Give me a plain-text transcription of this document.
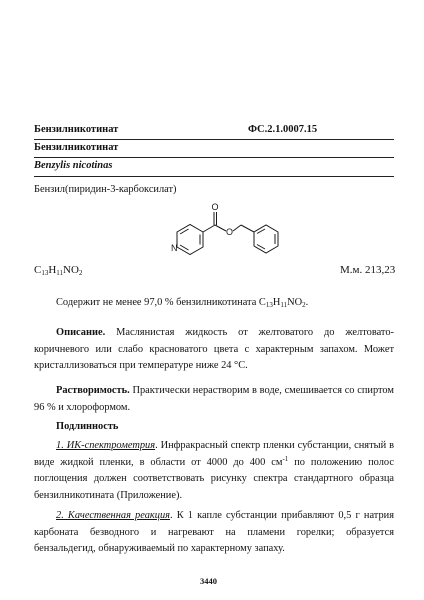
Бензилникотинат	ФС.2.1.0007.15
Бензилникотинат
Benzylis nicotinas
Бензил(пиридин-3-карбоксилат)
N
O
O
$C_{13}H_{11}NO_2$	М.м. 213,23
Содержит не менее 97,0 % бензилникотината $C_{13}H_{11}NO_2$.

Описание. Маслянистая жидкость от желтоватого до желтовато-коричневого или слабо красноватого цвета с характерным запахом. Может кристаллизоваться при температуре ниже 24 °С.

Растворимость. Практически нерастворим в воде, смешивается со спиртом 96 % и хлороформом.

Подлинность

1. ИК-спектрометрия. Инфракрасный спектр пленки субстанции, снятый в виде жидкой пленки, в области от 4000 до 400 $см^{-1}$ по положению полос поглощения должен соответствовать рисунку спектра стандартного образца бензилникотината (Приложение).

2. Качественная реакция. К 1 капле субстанции прибавляют 0,5 г натрия карбоната безводного и нагревают на пламени горелки; образуется бензальдегид, обнаруживаемый по характерному запаху.

3440
